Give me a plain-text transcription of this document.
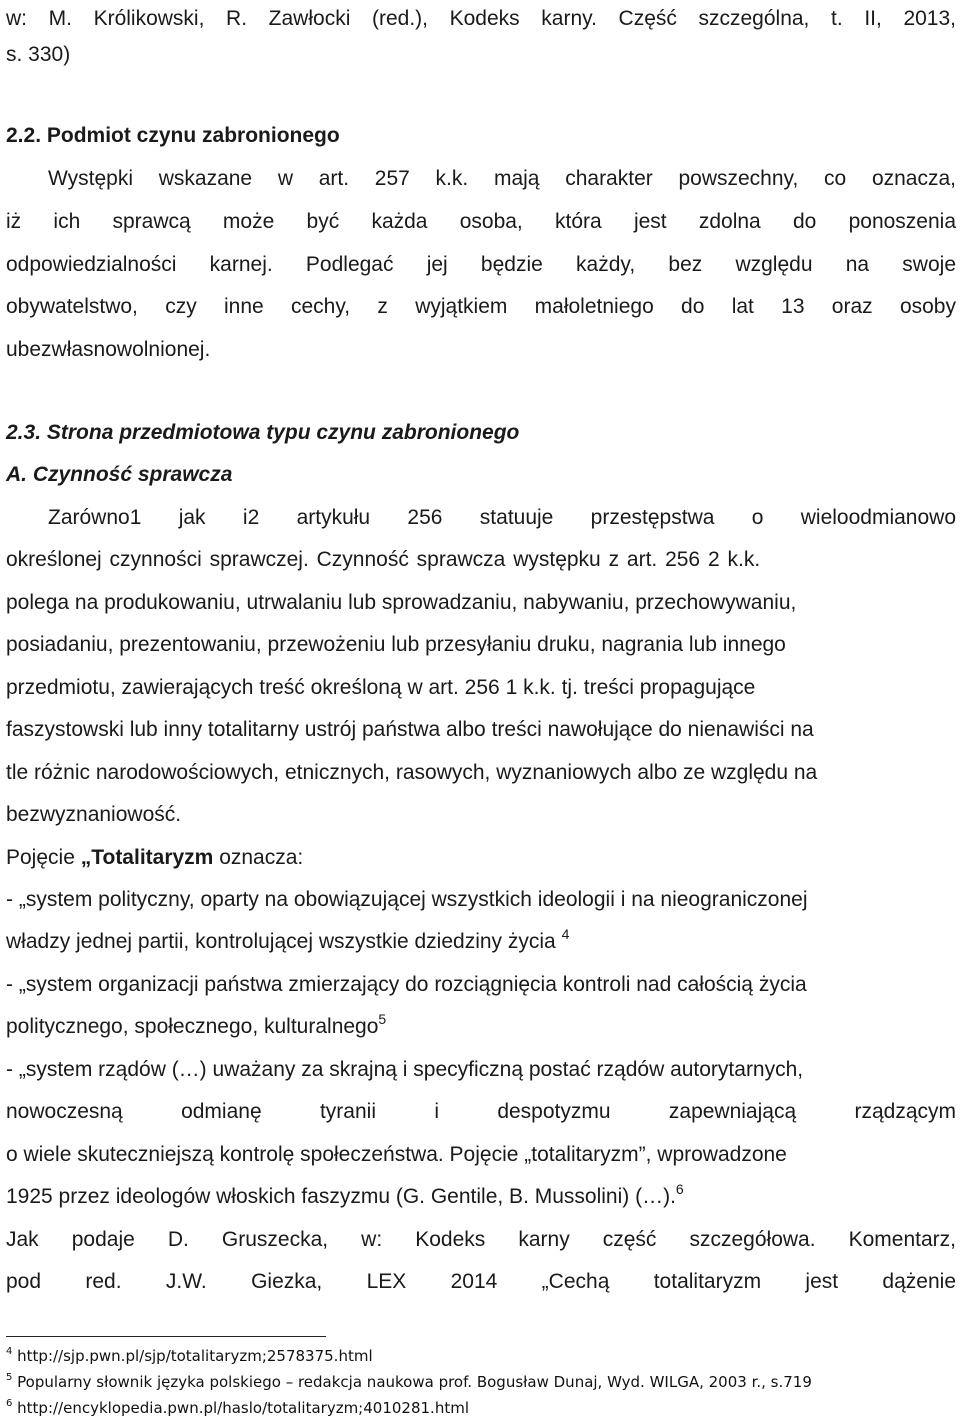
w: M. Królikowski, R. Zawłocki (red.), Kodeks karny. Część szczególna, t. II, 2013,
s. 330)
2.2. Podmiot czynu zabronionego
Występki wskazane w art. 257 k.k. mają charakter powszechny, co oznacza,
iż ich sprawcą może być każda osoba, która jest zdolna do ponoszenia
odpowiedzialności karnej. Podlegać jej będzie każdy, bez względu na swoje
obywatelstwo, czy inne cechy, z wyjątkiem małoletniego do lat 13 oraz osoby
ubezwłasnowolnionej.
2.3. Strona przedmiotowa typu czynu zabronionego
A. Czynność sprawcza
Zarówno1 jak i2 artykułu 256 statuuje przestępstwa o wieloodmianowo
określonej czynności sprawczej. Czynność sprawcza występku z art. 256 2 k.k.
polega na produkowaniu, utrwalaniu lub sprowadzaniu, nabywaniu, przechowywaniu,
posiadaniu, prezentowaniu, przewożeniu lub przesyłaniu druku, nagrania lub innego
przedmiotu, zawierających treść określoną w art. 256 1 k.k. tj. treści propagujące
faszystowski lub inny totalitarny ustrój państwa albo treści nawołujące do nienawiści na
tle różnic narodowościowych, etnicznych, rasowych, wyznaniowych albo ze względu na
bezwyznaniowość.
Pojęcie „Totalitaryzm oznacza:
- „system polityczny, oparty na obowiązującej wszystkich ideologii i na nieograniczonej
władzy jednej partii, kontrolującej wszystkie dziedziny życia $^4$
- „system organizacji państwa zmierzający do rozciągnięcia kontroli nad całością życia
politycznego, społecznego, kulturalnego$^5$
- „system rządów (…) uważany za skrajną i specyficzną postać rządów autorytarnych,
nowoczesną odmianę tyranii i despotyzmu zapewniającą rządzącym
o wiele skuteczniejszą kontrolę społeczeństwa. Pojęcie „totalitaryzm”, wprowadzone
1925 przez ideologów włoskich faszyzmu (G. Gentile, B. Mussolini) (…).$^6$
Jak podaje D. Gruszecka, w: Kodeks karny część szczegółowa. Komentarz,
pod red. J.W. Giezka, LEX 2014 „Cechą totalitaryzm jest dążenie
$^4$ http://sjp.pwn.pl/sjp/totalitaryzm;2578375.html
$^5$ Popularny słownik języka polskiego – redakcja naukowa prof. Bogusław Dunaj, Wyd. WILGA, 2003 r., s.719
$^6$ http://encyklopedia.pwn.pl/haslo/totalitaryzm;4010281.html
